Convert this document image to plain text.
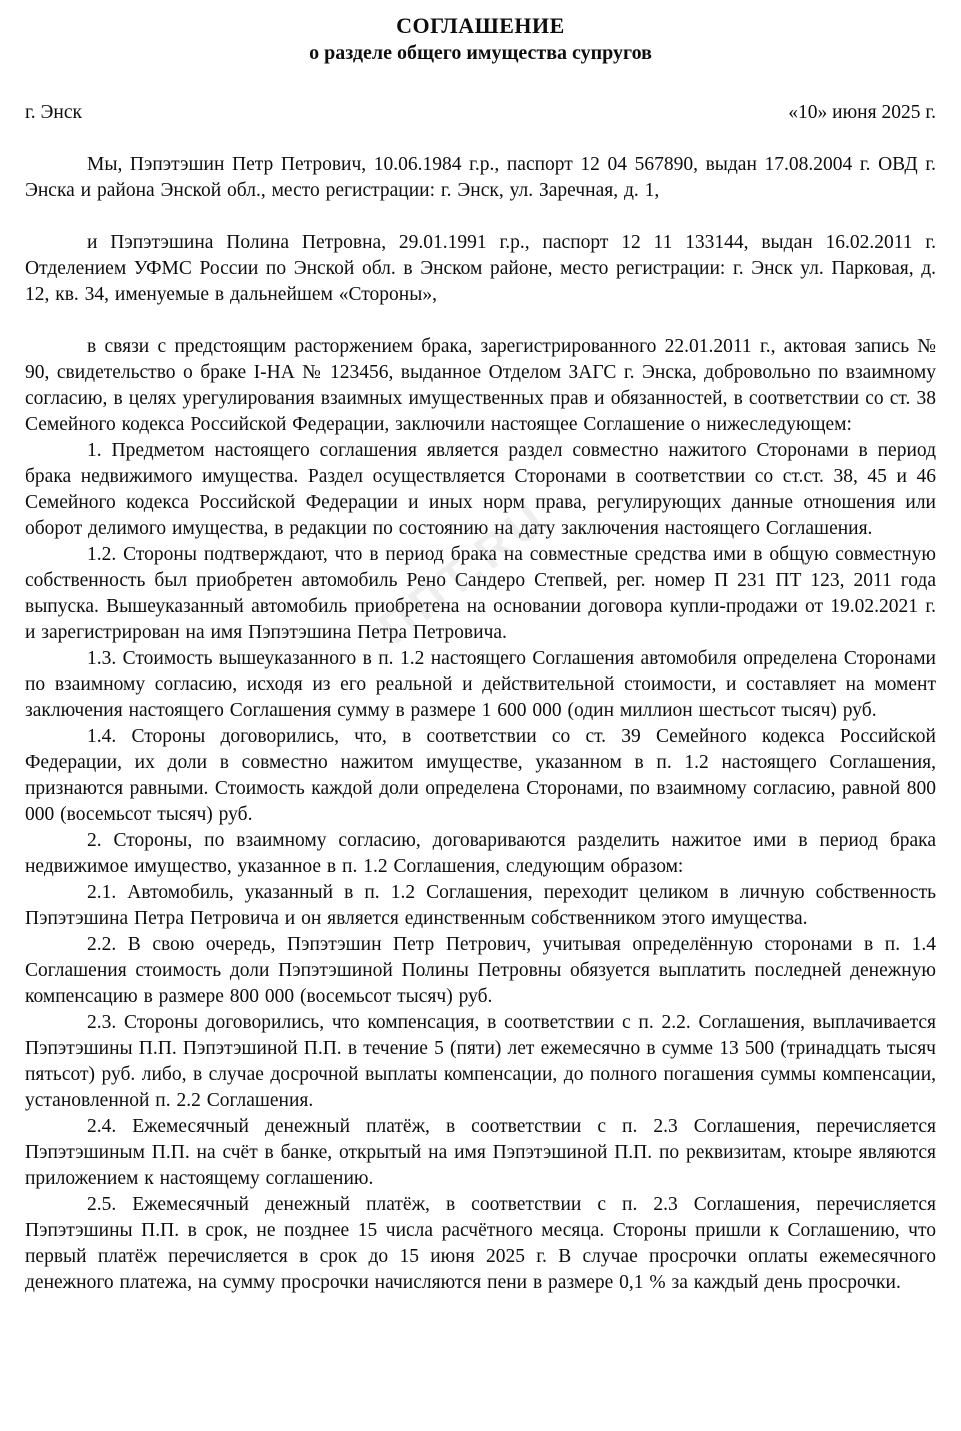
ППТ.RU
СОГЛАШЕНИЕ
о разделе общего имущества супругов
г. Энск	«10» июня 2025 г.

Мы, Пэпэтэшин Петр Петрович, 10.06.1984 г.р., паспорт 12 04 567890, выдан 17.08.2004 г. ОВД г. Энска и района Энской обл., место регистрации: г. Энск, ул. Заречная, д. 1,

и Пэпэтэшина Полина Петровна, 29.01.1991 г.р., паспорт 12 11 133144, выдан 16.02.2011 г. Отделением УФМС России по Энской обл. в Энском районе, место регистрации: г. Энск ул. Парковая, д. 12, кв. 34, именуемые в дальнейшем «Стороны»,

в связи с предстоящим расторжением брака, зарегистрированного 22.01.2011 г., актовая запись № 90, свидетельство о браке I-НА № 123456, выданное Отделом ЗАГС г. Энска, добровольно по взаимному согласию, в целях урегулирования взаимных имущественных прав и обязанностей, в соответствии со ст. 38 Семейного кодекса Российской Федерации, заключили настоящее Соглашение о нижеследующем:

1. Предметом настоящего соглашения является раздел совместно нажитого Сторонами в период брака недвижимого имущества. Раздел осуществляется Сторонами в соответствии со ст.ст. 38, 45 и 46 Семейного кодекса Российской Федерации и иных норм права, регулирующих данные отношения или оборот делимого имущества, в редакции по состоянию на дату заключения настоящего Соглашения.

1.2. Стороны подтверждают, что в период брака на совместные средства ими в общую совместную собственность был приобретен автомобиль Рено Сандеро Степвей, рег. номер П 231 ПТ 123, 2011 года выпуска. Вышеуказанный автомобиль приобретена на основании договора купли-продажи от 19.02.2021 г. и зарегистрирован на имя Пэпэтэшина Петра Петровича.

1.3. Стоимость вышеуказанного в п. 1.2 настоящего Соглашения автомобиля определена Сторонами по взаимному согласию, исходя из его реальной и действительной стоимости, и составляет на момент заключения настоящего Соглашения сумму в размере 1 600 000 (один миллион шестьсот тысяч) руб.

1.4. Стороны договорились, что, в соответствии со ст. 39 Семейного кодекса Российской Федерации, их доли в совместно нажитом имуществе, указанном в п. 1.2 настоящего Соглашения, признаются равными. Стоимость каждой доли определена Сторонами, по взаимному согласию, равной 800 000 (восемьсот тысяч) руб.

2. Стороны, по взаимному согласию, договариваются разделить нажитое ими в период брака недвижимое имущество, указанное в п. 1.2 Соглашения, следующим образом:

2.1. Автомобиль, указанный в п. 1.2 Соглашения, переходит целиком в личную собственность Пэпэтэшина Петра Петровича и он является единственным собственником этого имущества.

2.2. В свою очередь, Пэпэтэшин Петр Петрович, учитывая определённую сторонами в п. 1.4 Соглашения стоимость доли Пэпэтэшиной Полины Петровны обязуется выплатить последней денежную компенсацию в размере 800 000 (восемьсот тысяч) руб.

2.3. Стороны договорились, что компенсация, в соответствии с п. 2.2. Соглашения, выплачивается Пэпэтэшины П.П. Пэпэтэшиной П.П. в течение 5 (пяти) лет ежемесячно в сумме 13 500 (тринадцать тысяч пятьсот) руб. либо, в случае досрочной выплаты компенсации, до полного погашения суммы компенсации, установленной п. 2.2 Соглашения.

2.4. Ежемесячный денежный платёж, в соответствии с п. 2.3 Соглашения, перечисляется Пэпэтэшиным П.П. на счёт в банке, открытый на имя Пэпэтэшиной П.П. по реквизитам, ктоыре являются приложением к настоящему соглашению.

2.5. Ежемесячный денежный платёж, в соответствии с п. 2.3 Соглашения, перечисляется Пэпэтэшины П.П. в срок, не позднее 15 числа расчётного месяца. Стороны пришли к Соглашению, что первый платёж перечисляется в срок до 15 июня 2025 г. В случае просрочки оплаты ежемесячного денежного платежа, на сумму просрочки начисляются пени в размере 0,1 % за каждый день просрочки.
